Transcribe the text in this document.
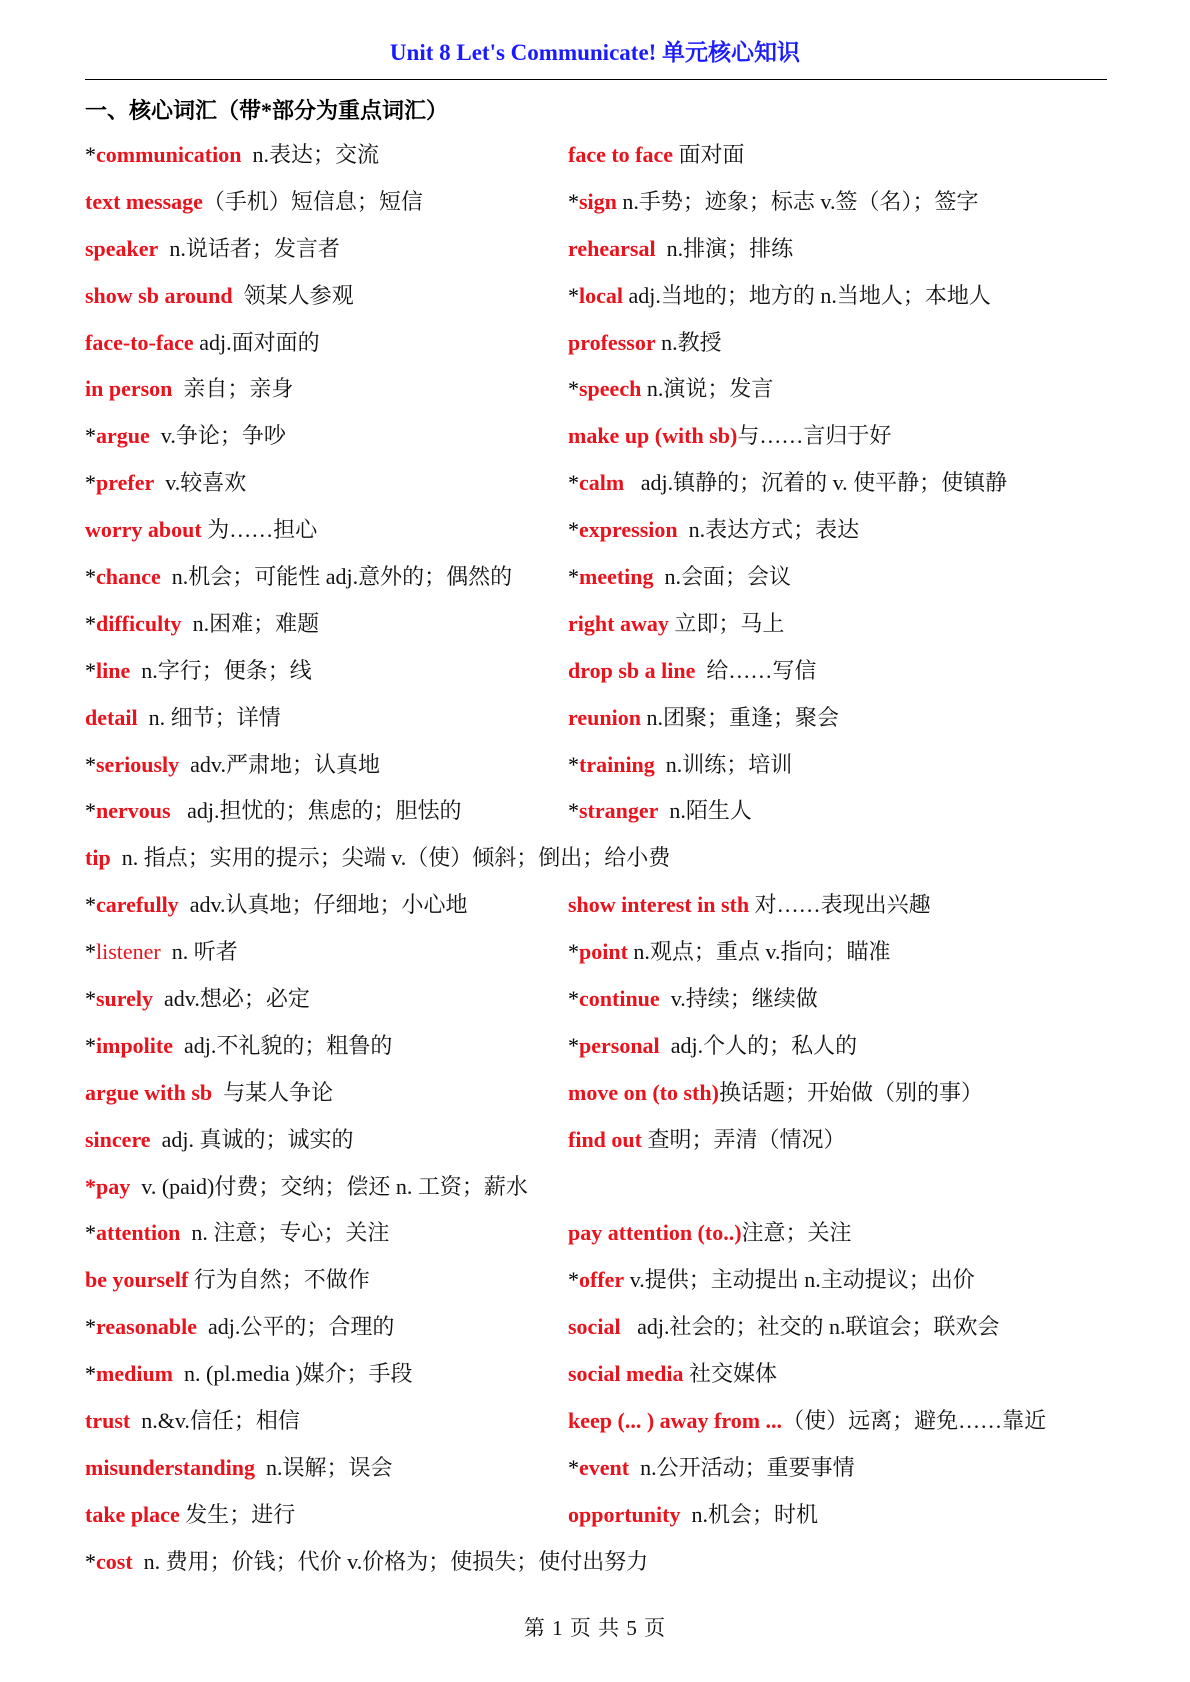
Unit 8 Let's Communicate! 单元核心知识
一、核心词汇（带*部分为重点词汇）
*communication  n.表达；交流	face to face 面对面
text message（手机）短信息；短信	*sign n.手势；迹象；标志 v.签（名）；签字
speaker  n.说话者；发言者	rehearsal  n.排演；排练
show sb around  领某人参观	*local adj.当地的；地方的 n.当地人；本地人
face-to-face adj.面对面的	professor n.教授
in person  亲自；亲身	*speech n.演说；发言
*argue  v.争论；争吵	make up (with sb)与……言归于好
*prefer  v.较喜欢	*calm   adj.镇静的；沉着的 v. 使平静；使镇静
worry about 为……担心	*expression  n.表达方式；表达
*chance  n.机会；可能性 adj.意外的；偶然的	*meeting  n.会面；会议
*difficulty  n.困难；难题	right away 立即；马上
*line  n.字行；便条；线	drop sb a line  给……写信
detail  n. 细节；详情	reunion n.团聚；重逢；聚会
*seriously  adv.严肃地；认真地	*training  n.训练；培训
*nervous   adj.担忧的；焦虑的；胆怯的	*stranger  n.陌生人
tip  n. 指点；实用的提示；尖端 v.（使）倾斜；倒出；给小费
*carefully  adv.认真地；仔细地；小心地	show interest in sth 对……表现出兴趣
*listener  n. 听者	*point n.观点；重点 v.指向；瞄准
*surely  adv.想必；必定	*continue  v.持续；继续做
*impolite  adj.不礼貌的；粗鲁的	*personal  adj.个人的；私人的
argue with sb  与某人争论	move on (to sth)换话题；开始做（别的事）
sincere  adj. 真诚的；诚实的	find out 查明；弄清（情况）
*pay  v. (paid)付费；交纳；偿还 n. 工资；薪水
*attention  n. 注意；专心；关注	pay attention (to..)注意；关注
be yourself 行为自然；不做作	*offer v.提供；主动提出 n.主动提议；出价
*reasonable  adj.公平的；合理的	social   adj.社会的；社交的 n.联谊会；联欢会
*medium  n. (pl.media )媒介；手段	social media 社交媒体
trust  n.&v.信任；相信	keep (... ) away from ...（使）远离；避免……靠近
misunderstanding  n.误解；误会	*event  n.公开活动；重要事情
take place 发生；进行	opportunity  n.机会；时机
*cost  n. 费用；价钱；代价 v.价格为；使损失；使付出努力
第 1 页 共 5 页
